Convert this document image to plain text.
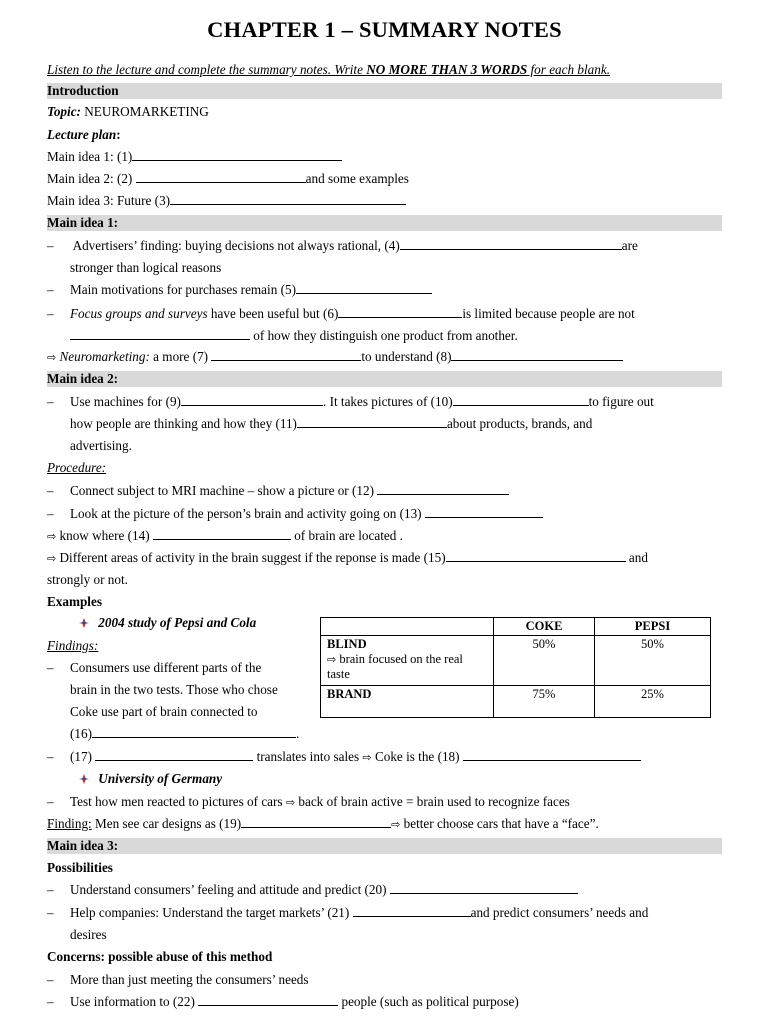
CHAPTER 1 – SUMMARY NOTES
Listen to the lecture and complete the summary notes. Write NO MORE THAN 3 WORDS for each blank.
Introduction
Topic: NEUROMARKETING
Lecture plan:
Main idea 1: (1)
Main idea 2: (2)	and some examples
Main idea 3: Future (3)
Main idea 1:
– Advertisers’ finding: buying decisions not always rational, (4)	are
stronger than logical reasons
– Main motivations for purchases remain (5)
– Focus groups and surveys have been useful but (6)	is limited because people are not
of how they distinguish one product from another.
⇨ Neuromarketing: a more (7)	to understand (8)
Main idea 2:
– Use machines for (9)	. It takes pictures of (10)	to figure out
how people are thinking and how they (11)	about products, brands, and
advertising.
Procedure:
– Connect subject to MRI machine – show a picture or (12)
– Look at the picture of the person’s brain and activity going on (13)
⇨ know where (14)	of brain are located .
⇨ Different areas of activity in the brain suggest if the reponse is made (15)	and
strongly or not.
Examples
2004 study of Pepsi and Cola
Findings:
– Consumers use different parts of the
brain in the two tests. Those who chose
Coke use part of brain connected to
(16)	.
– (17)	translates into sales ⇨ Coke is the (18)
University of Germany
– Test how men reacted to pictures of cars ⇨ back of brain active = brain used to recognize faces
Finding: Men see car designs as (19)	⇨ better choose cars that have a “face”.
Main idea 3:
Possibilities
– Understand consumers’ feeling and attitude and predict (20)
– Help companies: Understand the target markets’ (21)	and predict consumers’ needs and
desires
Concerns: possible abuse of this method
– More than just meeting the consumers’ needs
– Use information to (22)	people (such as political purpose)
	COKE	PEPSI

BLIND
⇨ brain focused on the real taste	50%	50%
BRAND	75%	25%
